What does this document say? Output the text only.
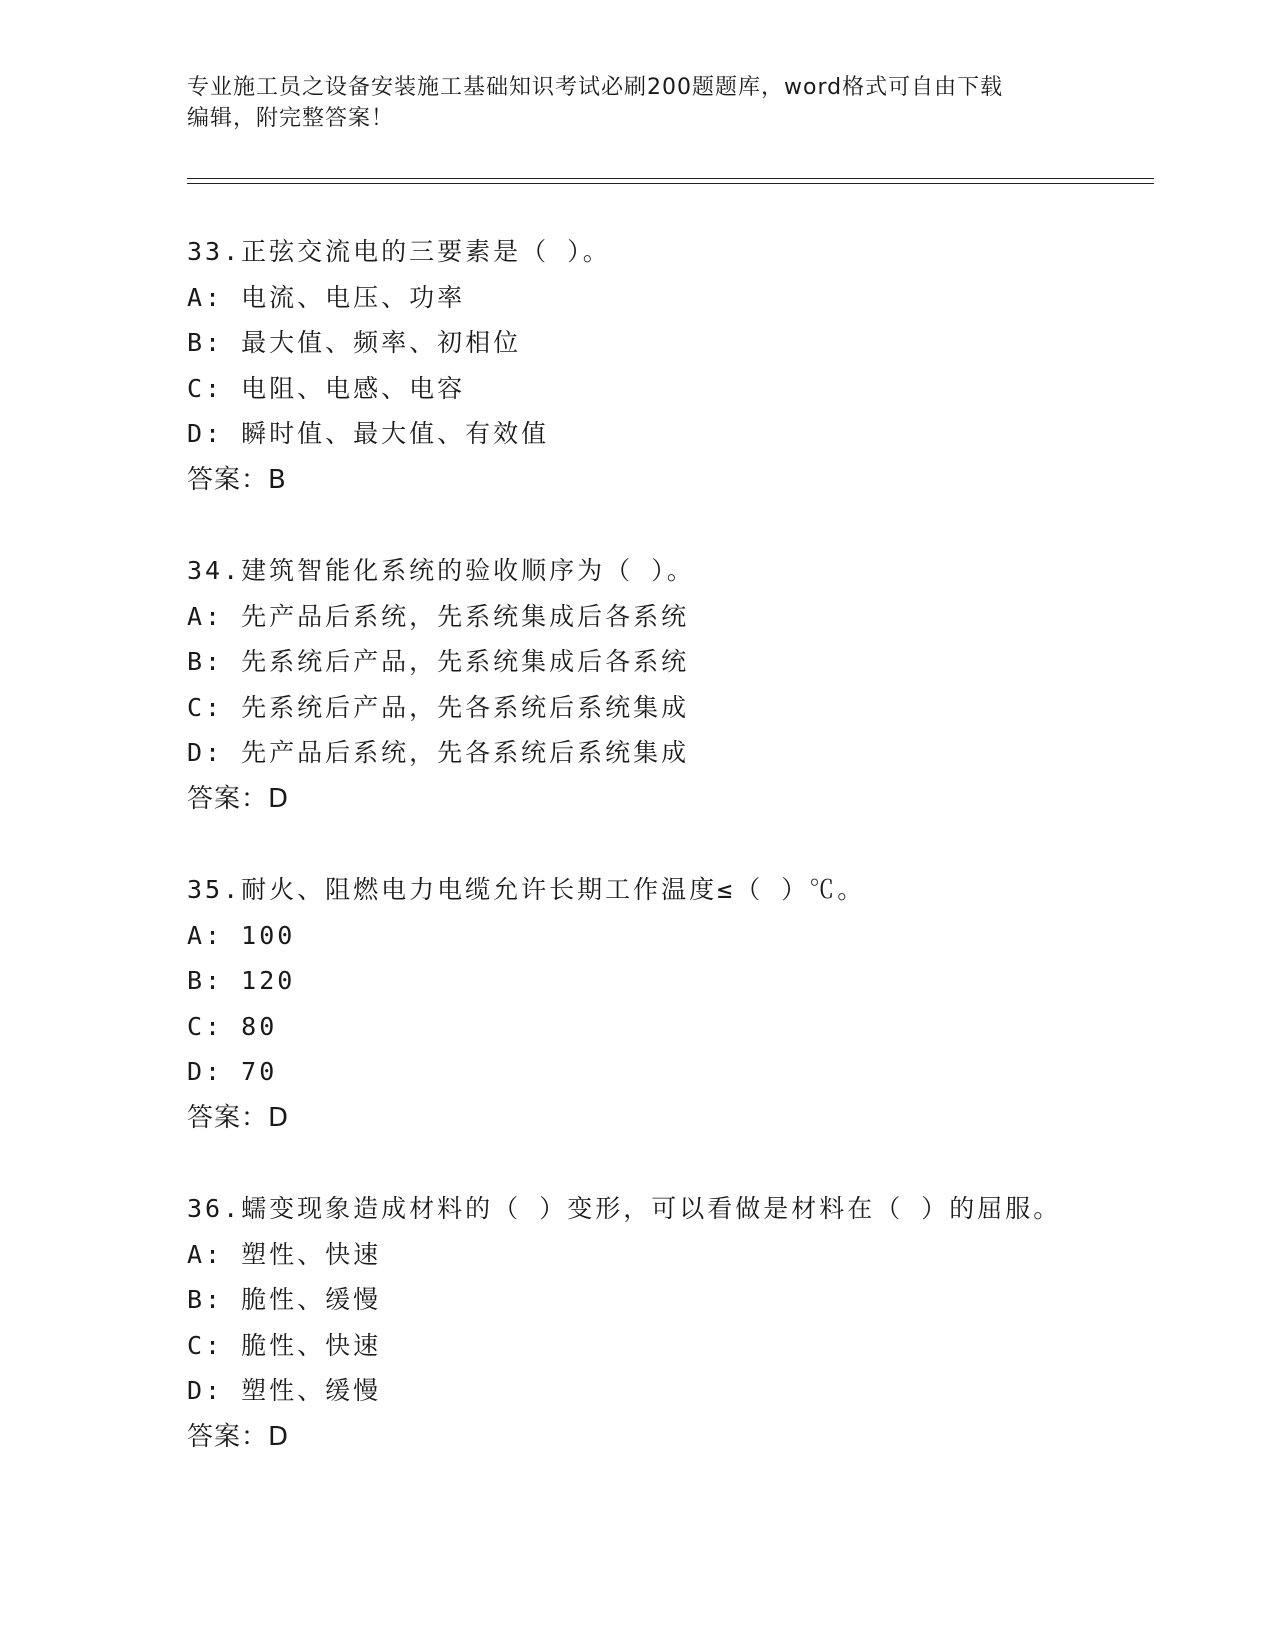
专业施工员之设备安装施工基础知识考试必刷200题题库，word格式可自由下载
编辑，附完整答案！
33.正弦交流电的三要素是（ ）。
A: 电流、电压、功率
B: 最大值、频率、初相位
C: 电阻、电感、电容
D: 瞬时值、最大值、有效值
答案：B
34.建筑智能化系统的验收顺序为（ ）。
A: 先产品后系统，先系统集成后各系统
B: 先系统后产品，先系统集成后各系统
C: 先系统后产品，先各系统后系统集成
D: 先产品后系统，先各系统后系统集成
答案：D
35.耐火、阻燃电力电缆允许长期工作温度≤（ ）℃。
A: 100
B: 120
C: 80
D: 70
答案：D
36.蠕变现象造成材料的（ ）变形，可以看做是材料在（ ）的屈服。
A: 塑性、快速
B: 脆性、缓慢
C: 脆性、快速
D: 塑性、缓慢
答案：D
